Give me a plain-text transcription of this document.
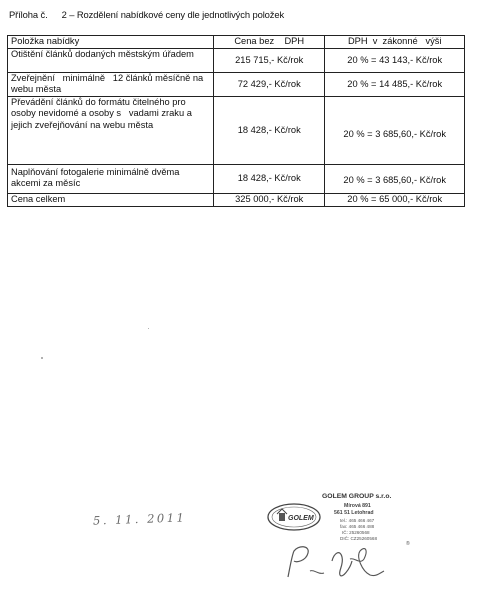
Příloha č. 2 – Rozdělení nabídkové ceny dle jednotlivých položek
Položka nabídky	Cena bez    DPH	DPH  v  zákonné   výši
Otištění článků dodaných městským úřadem	215 715,- Kč/rok	20 % = 43 143,- Kč/rok
Zveřejnění   minimálně   12 článků měsíčně na webu města	72 429,- Kč/rok	20 % = 14 485,- Kč/rok
Převádění článků do formátu čitelného pro osoby nevidomé a osoby s   vadami zraku a jejich zveřejňování na webu města	18 428,- Kč/rok	20 % = 3 685,60,- Kč/rok
Naplňování fotogalerie minimálně dvěma akcemi za měsíc	18 428,- Kč/rok	20 % = 3 685,60,- Kč/rok
Cena celkem	325 000,- Kč/rok	20 % = 65 000,- Kč/rok
5. 11. 2011	GOLEM
GOLEM GROUP s.r.o.
Mírová 891
561 51 Letohrad
tel.: 465 466 467
fax: 465 466 488
IČ: 25260568
DIČ: CZ25260568
®
